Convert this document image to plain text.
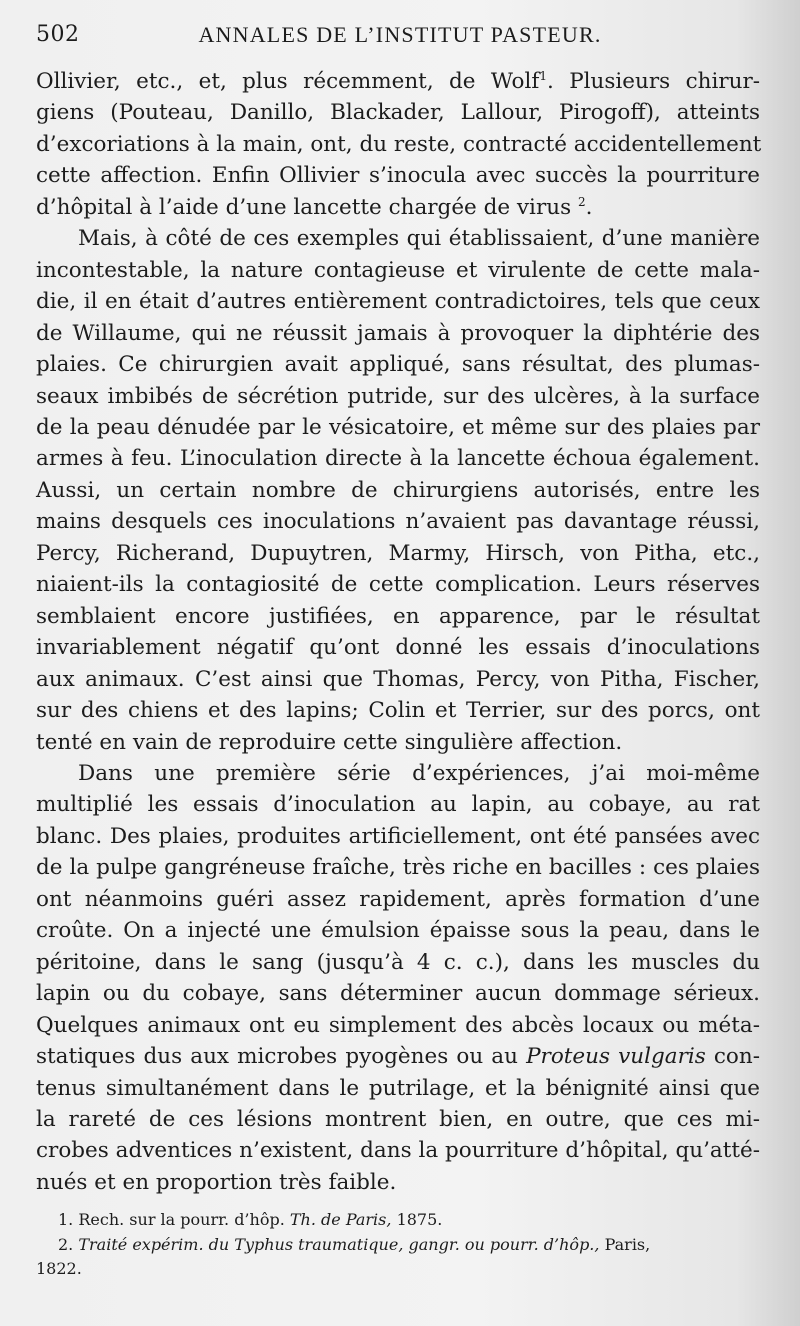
502	ANNALES DE L’INSTITUT PASTEUR.
Ollivier, etc., et, plus récemment, de Wolf$^1$. Plusieurs chirur-
giens (Pouteau, Danillo, Blackader, Lallour, Pirogoff), atteints
d’excoriations à la main, ont, du reste, contracté accidentellement
cette affection. Enfin Ollivier s’inocula avec succès la pourriture
d’hôpital à l’aide d’une lancette chargée de virus $^2$.
Mais, à côté de ces exemples qui établissaient, d’une manière
incontestable, la nature contagieuse et virulente de cette mala-
die, il en était d’autres entièrement contradictoires, tels que ceux
de Willaume, qui ne réussit jamais à provoquer la diphtérie des
plaies. Ce chirurgien avait appliqué, sans résultat, des plumas-
seaux imbibés de sécrétion putride, sur des ulcères, à la surface
de la peau dénudée par le vésicatoire, et même sur des plaies par
armes à feu. L’inoculation directe à la lancette échoua également.
Aussi, un certain nombre de chirurgiens autorisés, entre les
mains desquels ces inoculations n’avaient pas davantage réussi,
Percy, Richerand, Dupuytren, Marmy, Hirsch, von Pitha, etc.,
niaient-ils la contagiosité de cette complication. Leurs réserves
semblaient encore justifiées, en apparence, par le résultat
invariablement négatif qu’ont donné les essais d’inoculations
aux animaux. C’est ainsi que Thomas, Percy, von Pitha, Fischer,
sur des chiens et des lapins; Colin et Terrier, sur des porcs, ont
tenté en vain de reproduire cette singulière affection.
Dans une première série d’expériences, j’ai moi-même
multiplié les essais d’inoculation au lapin, au cobaye, au rat
blanc. Des plaies, produites artificiellement, ont été pansées avec
de la pulpe gangréneuse fraîche, très riche en bacilles : ces plaies
ont néanmoins guéri assez rapidement, après formation d’une
croûte. On a injecté une émulsion épaisse sous la peau, dans le
péritoine, dans le sang (jusqu’à 4 c. c.), dans les muscles du
lapin ou du cobaye, sans déterminer aucun dommage sérieux.
Quelques animaux ont eu simplement des abcès locaux ou méta-
statiques dus aux microbes pyogènes ou au Proteus vulgaris con-
tenus simultanément dans le putrilage, et la bénignité ainsi que
la rareté de ces lésions montrent bien, en outre, que ces mi-
crobes adventices n’existent, dans la pourriture d’hôpital, qu’atté-
nués et en proportion très faible.
1. Rech. sur la pourr. d’hôp. Th. de Paris, 1875.
2. Traité expérim. du Typhus traumatique, gangr. ou pourr. d’hôp., Paris,
1822.
